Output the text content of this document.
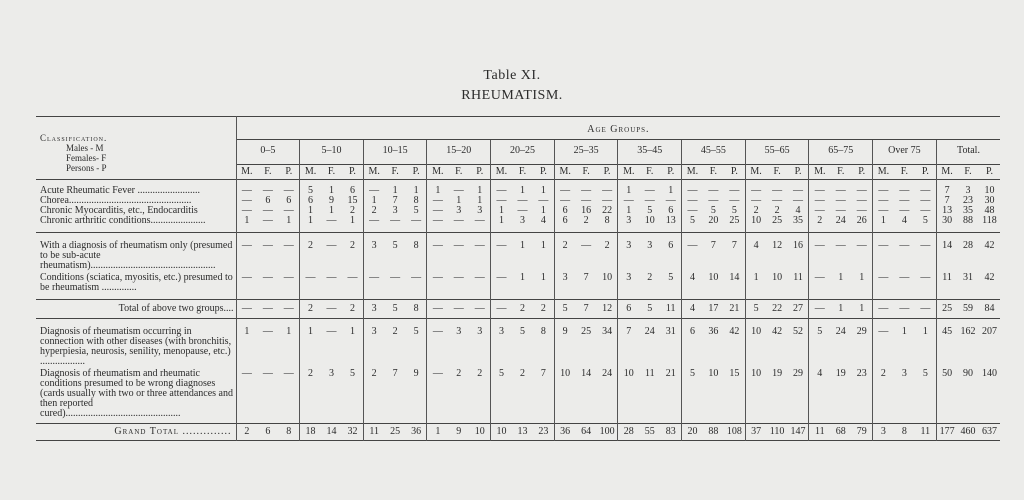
Table XI.
RHEUMATISM.
Classification.
Males - M
Females- F
Persons - P	Age Groups.																																			
	0–5			5–10			10–15			15–20			20–25			25–35			35–45			45–55			55–65			65–75			Over 75			Total.		
	M.	F.	P.	M.	F.	P.	M.	F.	P.	M.	F.	P.	M.	F.	P.	M.	F.	P.	M.	F.	P.	M.	F.	P.	M.	F.	P.	M.	F.	P.	M.	F.	P.	M.	F.	P.
Acute Rheumatic Fever .........................	—	—	—	5	1	6	—	1	1	1	—	1	—	1	1	—	—	—	1	—	1	—	—	—	—	—	—	—	—	—	—	—	—	7	3	10
Chorea.................................................	—	6	6	6	9	15	1	7	8	—	1	1	—	—	—	—	—	—	—	—	—	—	—	—	—	—	—	—	—	—	—	—	—	7	23	30
Chronic Myocarditis, etc., Endocarditis	—	—	—	1	1	2	2	3	5	—	3	3	1	—	1	6	16	22	1	5	6	—	5	5	2	2	4	—	—	—	—	—	—	13	35	48
Chronic arthritic conditions......................	1	—	1	1	—	1	—	—	—	—	—	—	1	3	4	6	2	8	3	10	13	5	20	25	10	25	35	2	24	26	1	4	5	30	88	118
With a diagnosis of rheumatism only (presumed to be sub-acute rheumatism)..................................................	—	—	—	2	—	2	3	5	8	—	—	—	—	1	1	2	—	2	3	3	6	—	7	7	4	12	16	—	—	—	—	—	—	14	28	42
Conditions (sciatica, myositis, etc.) presumed to be rheumatism ..............	—	—	—	—	—	—	—	—	—	—	—	—	—	1	1	3	7	10	3	2	5	4	10	14	1	10	11	—	1	1	—	—	—	11	31	42
Total of above two groups....	—	—	—	2	—	2	3	5	8	—	—	—	—	2	2	5	7	12	6	5	11	4	17	21	5	22	27	—	1	1	—	—	—	25	59	84
Diagnosis of rheumatism occurring in connection with other diseases (with bronchitis, hyperpiesia, neurosis, senility, menopause, etc.) ..................	1	—	1	1	—	1	3	2	5	—	3	3	3	5	8	9	25	34	7	24	31	6	36	42	10	42	52	5	24	29	—	1	1	45	162	207
Diagnosis of rheumatism and rheumatic conditions presumed to be wrong diagnoses (cards usually with two or three attendances and then reported cured)..............................................	—	—	—	2	3	5	2	7	9	—	2	2	5	2	7	10	14	24	10	11	21	5	10	15	10	19	29	4	19	23	2	3	5	50	90	140
Grand Total ..............	2	6	8	18	14	32	11	25	36	1	9	10	10	13	23	36	64	100	28	55	83	20	88	108	37	110	147	11	68	79	3	8	11	177	460	637
